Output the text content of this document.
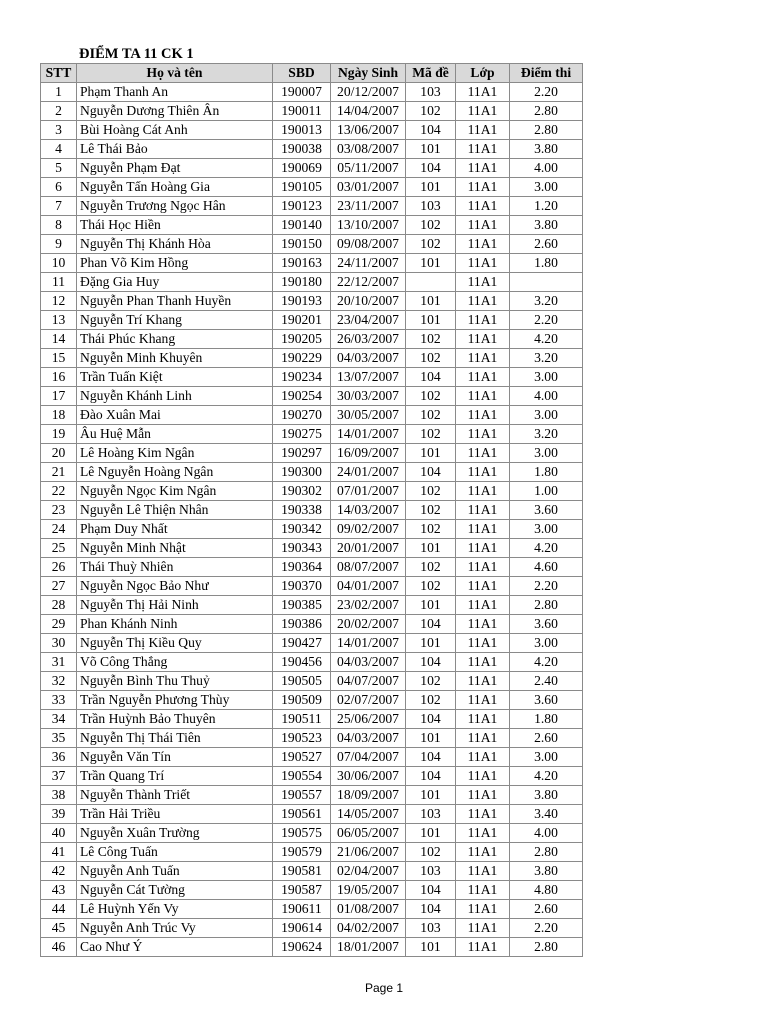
ĐIỂM TA 11 CK 1
STT	Họ và tên	SBD	Ngày Sinh	Mã đề	Lớp	Điểm thi
1	Phạm Thanh An	190007	20/12/2007	103	11A1	2.20
2	Nguyễn Dương Thiên Ân	190011	14/04/2007	102	11A1	2.80
3	Bùi Hoàng Cát Anh	190013	13/06/2007	104	11A1	2.80
4	Lê Thái Bảo	190038	03/08/2007	101	11A1	3.80
5	Nguyễn Phạm Đạt	190069	05/11/2007	104	11A1	4.00
6	Nguyễn Tấn Hoàng Gia	190105	03/01/2007	101	11A1	3.00
7	Nguyễn Trương Ngọc Hân	190123	23/11/2007	103	11A1	1.20
8	Thái Học Hiền	190140	13/10/2007	102	11A1	3.80
9	Nguyễn Thị Khánh Hòa	190150	09/08/2007	102	11A1	2.60
10	Phan Võ Kim Hồng	190163	24/11/2007	101	11A1	1.80
11	Đặng Gia Huy	190180	22/12/2007		11A1	
12	Nguyễn Phan Thanh Huyền	190193	20/10/2007	101	11A1	3.20
13	Nguyễn Trí Khang	190201	23/04/2007	101	11A1	2.20
14	Thái Phúc Khang	190205	26/03/2007	102	11A1	4.20
15	Nguyễn Minh Khuyên	190229	04/03/2007	102	11A1	3.20
16	Trần Tuấn Kiệt	190234	13/07/2007	104	11A1	3.00
17	Nguyễn Khánh Linh	190254	30/03/2007	102	11A1	4.00
18	Đào Xuân Mai	190270	30/05/2007	102	11A1	3.00
19	Âu Huệ Mẫn	190275	14/01/2007	102	11A1	3.20
20	Lê Hoàng Kim Ngân	190297	16/09/2007	101	11A1	3.00
21	Lê Nguyễn Hoàng Ngân	190300	24/01/2007	104	11A1	1.80
22	Nguyễn Ngọc Kim Ngân	190302	07/01/2007	102	11A1	1.00
23	Nguyễn Lê Thiện Nhân	190338	14/03/2007	102	11A1	3.60
24	Phạm Duy Nhất	190342	09/02/2007	102	11A1	3.00
25	Nguyễn Minh Nhật	190343	20/01/2007	101	11A1	4.20
26	Thái Thuỳ Nhiên	190364	08/07/2007	102	11A1	4.60
27	Nguyễn Ngọc Bảo Như	190370	04/01/2007	102	11A1	2.20
28	Nguyễn Thị Hải Ninh	190385	23/02/2007	101	11A1	2.80
29	Phan Khánh Ninh	190386	20/02/2007	104	11A1	3.60
30	Nguyễn Thị Kiều Quy	190427	14/01/2007	101	11A1	3.00
31	Võ Công Thắng	190456	04/03/2007	104	11A1	4.20
32	Nguyễn Bình Thu Thuỷ	190505	04/07/2007	102	11A1	2.40
33	Trần Nguyễn Phương Thùy	190509	02/07/2007	102	11A1	3.60
34	Trần Huỳnh Bảo Thuyên	190511	25/06/2007	104	11A1	1.80
35	Nguyễn Thị Thái Tiên	190523	04/03/2007	101	11A1	2.60
36	Nguyễn Văn Tín	190527	07/04/2007	104	11A1	3.00
37	Trần Quang Trí	190554	30/06/2007	104	11A1	4.20
38	Nguyễn Thành Triết	190557	18/09/2007	101	11A1	3.80
39	Trần Hải Triều	190561	14/05/2007	103	11A1	3.40
40	Nguyễn Xuân Trường	190575	06/05/2007	101	11A1	4.00
41	Lê Công Tuấn	190579	21/06/2007	102	11A1	2.80
42	Nguyễn Anh Tuấn	190581	02/04/2007	103	11A1	3.80
43	Nguyễn Cát Tường	190587	19/05/2007	104	11A1	4.80
44	Lê Huỳnh Yến Vy	190611	01/08/2007	104	11A1	2.60
45	Nguyễn Anh Trúc Vy	190614	04/02/2007	103	11A1	2.20
46	Cao Như Ý	190624	18/01/2007	101	11A1	2.80
Page 1
